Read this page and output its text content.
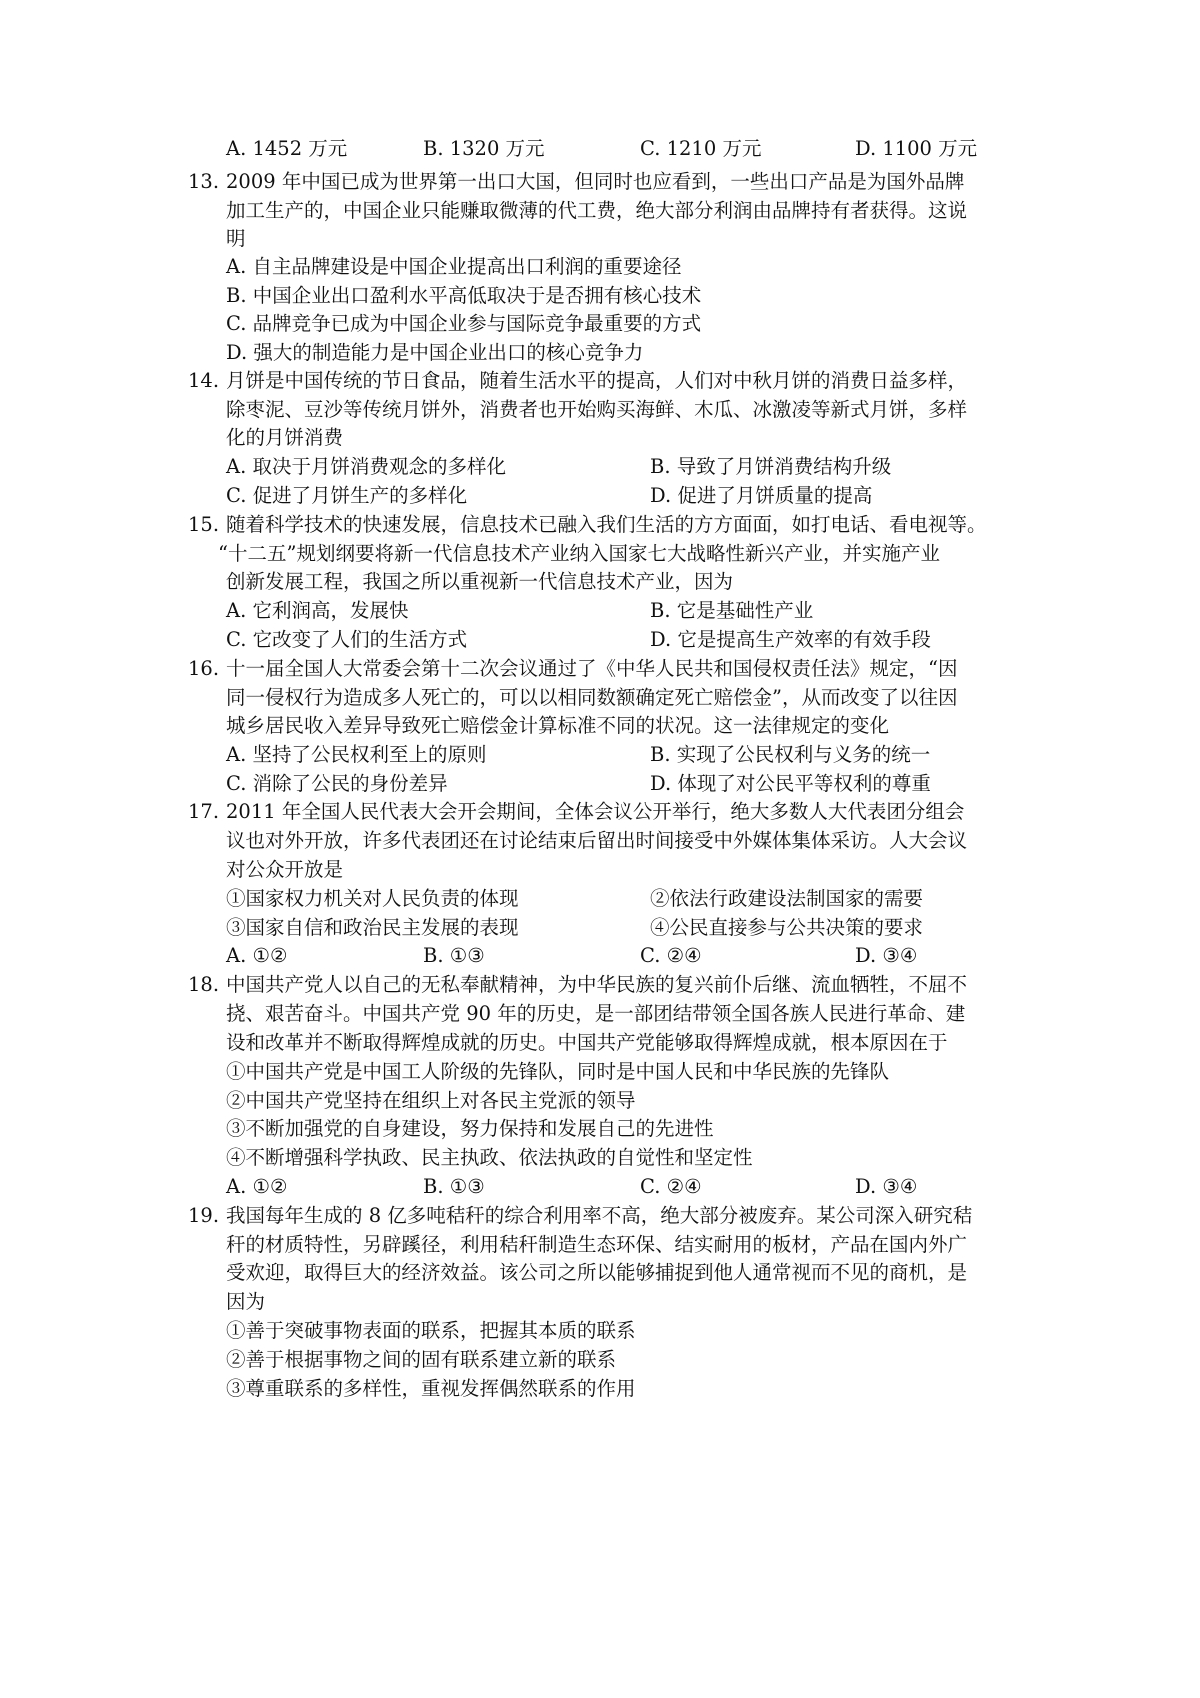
A. 1452 万元	B. 1320 万元	C. 1210 万元	D. 1100 万元
13. 2009 年中国已成为世界第一出口大国，但同时也应看到，一些出口产品是为国外品牌
加工生产的，中国企业只能赚取微薄的代工费，绝大部分利润由品牌持有者获得。这说
明
A. 自主品牌建设是中国企业提高出口利润的重要途径
B. 中国企业出口盈利水平高低取决于是否拥有核心技术
C. 品牌竞争已成为中国企业参与国际竞争最重要的方式
D. 强大的制造能力是中国企业出口的核心竞争力
14. 月饼是中国传统的节日食品，随着生活水平的提高，人们对中秋月饼的消费日益多样，
除枣泥、豆沙等传统月饼外，消费者也开始购买海鲜、木瓜、冰激凌等新式月饼，多样
化的月饼消费
A. 取决于月饼消费观念的多样化	B. 导致了月饼消费结构升级
C. 促进了月饼生产的多样化	D. 促进了月饼质量的提高
15. 随着科学技术的快速发展，信息技术已融入我们生活的方方面面，如打电话、看电视等。
“十二五”规划纲要将新一代信息技术产业纳入国家七大战略性新兴产业，并实施产业
创新发展工程，我国之所以重视新一代信息技术产业，因为
A. 它利润高，发展快	B. 它是基础性产业
C. 它改变了人们的生活方式	D. 它是提高生产效率的有效手段
16. 十一届全国人大常委会第十二次会议通过了《中华人民共和国侵权责任法》规定，“因
同一侵权行为造成多人死亡的，可以以相同数额确定死亡赔偿金”，从而改变了以往因
城乡居民收入差异导致死亡赔偿金计算标准不同的状况。这一法律规定的变化
A. 坚持了公民权利至上的原则	B. 实现了公民权利与义务的统一
C. 消除了公民的身份差异	D. 体现了对公民平等权利的尊重
17. 2011 年全国人民代表大会开会期间，全体会议公开举行，绝大多数人大代表团分组会
议也对外开放，许多代表团还在讨论结束后留出时间接受中外媒体集体采访。人大会议
对公众开放是
①国家权力机关对人民负责的体现	②依法行政建设法制国家的需要
③国家自信和政治民主发展的表现	④公民直接参与公共决策的要求
A. ①②	B. ①③	C. ②④	D. ③④
18. 中国共产党人以自己的无私奉献精神，为中华民族的复兴前仆后继、流血牺牲，不屈不
挠、艰苦奋斗。中国共产党 90 年的历史，是一部团结带领全国各族人民进行革命、建
设和改革并不断取得辉煌成就的历史。中国共产党能够取得辉煌成就，根本原因在于
①中国共产党是中国工人阶级的先锋队，同时是中国人民和中华民族的先锋队
②中国共产党坚持在组织上对各民主党派的领导
③不断加强党的自身建设，努力保持和发展自己的先进性
④不断增强科学执政、民主执政、依法执政的自觉性和坚定性
A. ①②	B. ①③	C. ②④	D. ③④
19. 我国每年生成的 8 亿多吨秸秆的综合利用率不高，绝大部分被废弃。某公司深入研究秸
秆的材质特性，另辟蹊径，利用秸秆制造生态环保、结实耐用的板材，产品在国内外广
受欢迎，取得巨大的经济效益。该公司之所以能够捕捉到他人通常视而不见的商机，是
因为
①善于突破事物表面的联系，把握其本质的联系
②善于根据事物之间的固有联系建立新的联系
③尊重联系的多样性，重视发挥偶然联系的作用
